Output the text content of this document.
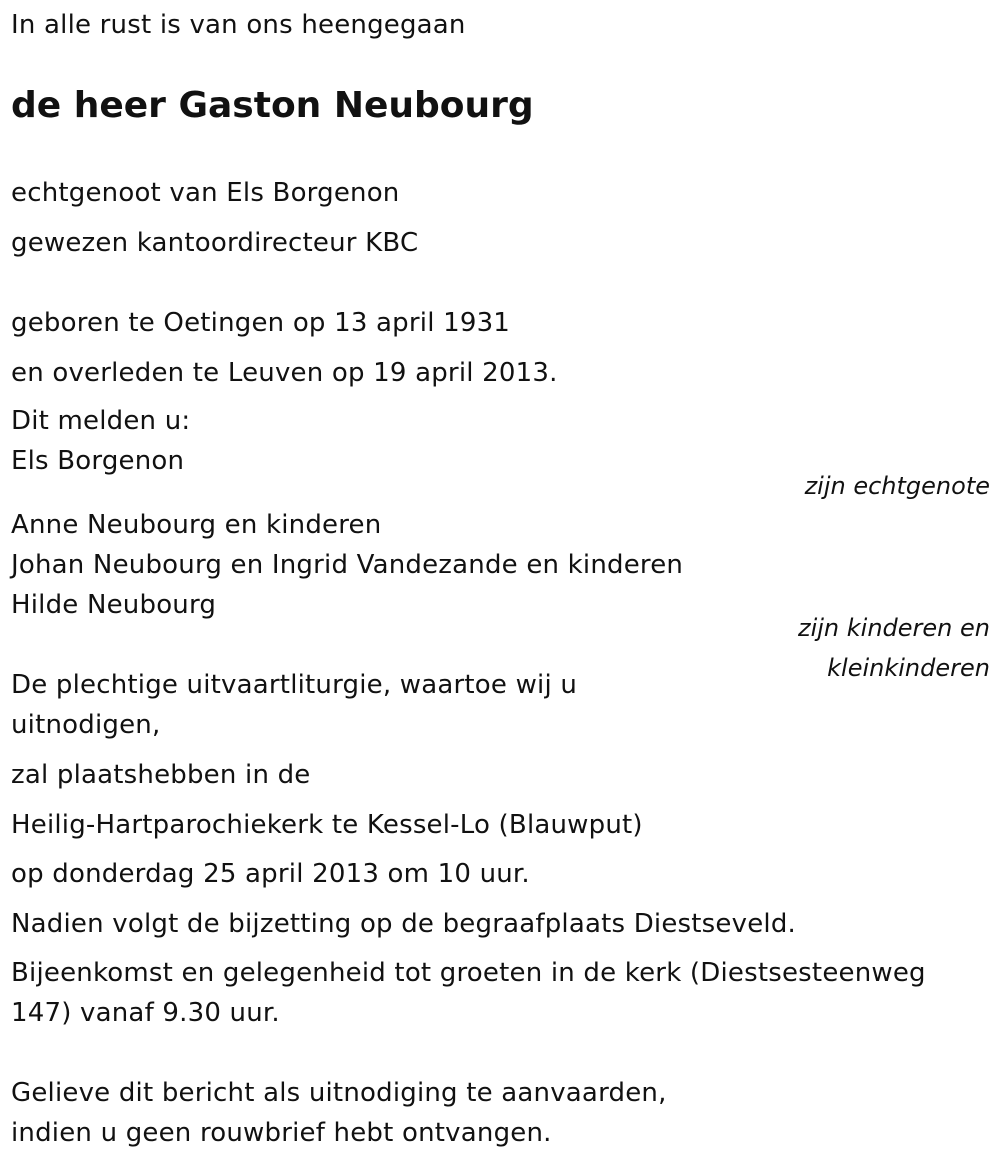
In alle rust is van ons heengegaan
de heer Gaston Neubourg
echtgenoot van Els Borgenon
gewezen kantoordirecteur KBC
geboren te Oetingen op 13 april 1931
en overleden te Leuven op 19 april 2013.
Dit melden u:
Els Borgenon
zijn echtgenote
Anne Neubourg en kinderen
Johan Neubourg en Ingrid Vandezande en kinderen
Hilde Neubourg
zijn kinderen en
kleinkinderen
De plechtige uitvaartliturgie, waartoe wij u
uitnodigen,
zal plaatshebben in de
Heilig-Hartparochiekerk te Kessel-Lo (Blauwput)
op donderdag 25 april 2013 om 10 uur.
Nadien volgt de bijzetting op de begraafplaats Diestseveld.
Bijeenkomst en gelegenheid tot groeten in de kerk (Diestsesteenweg
147) vanaf 9.30 uur.
Gelieve dit bericht als uitnodiging te aanvaarden,
indien u geen rouwbrief hebt ontvangen.
